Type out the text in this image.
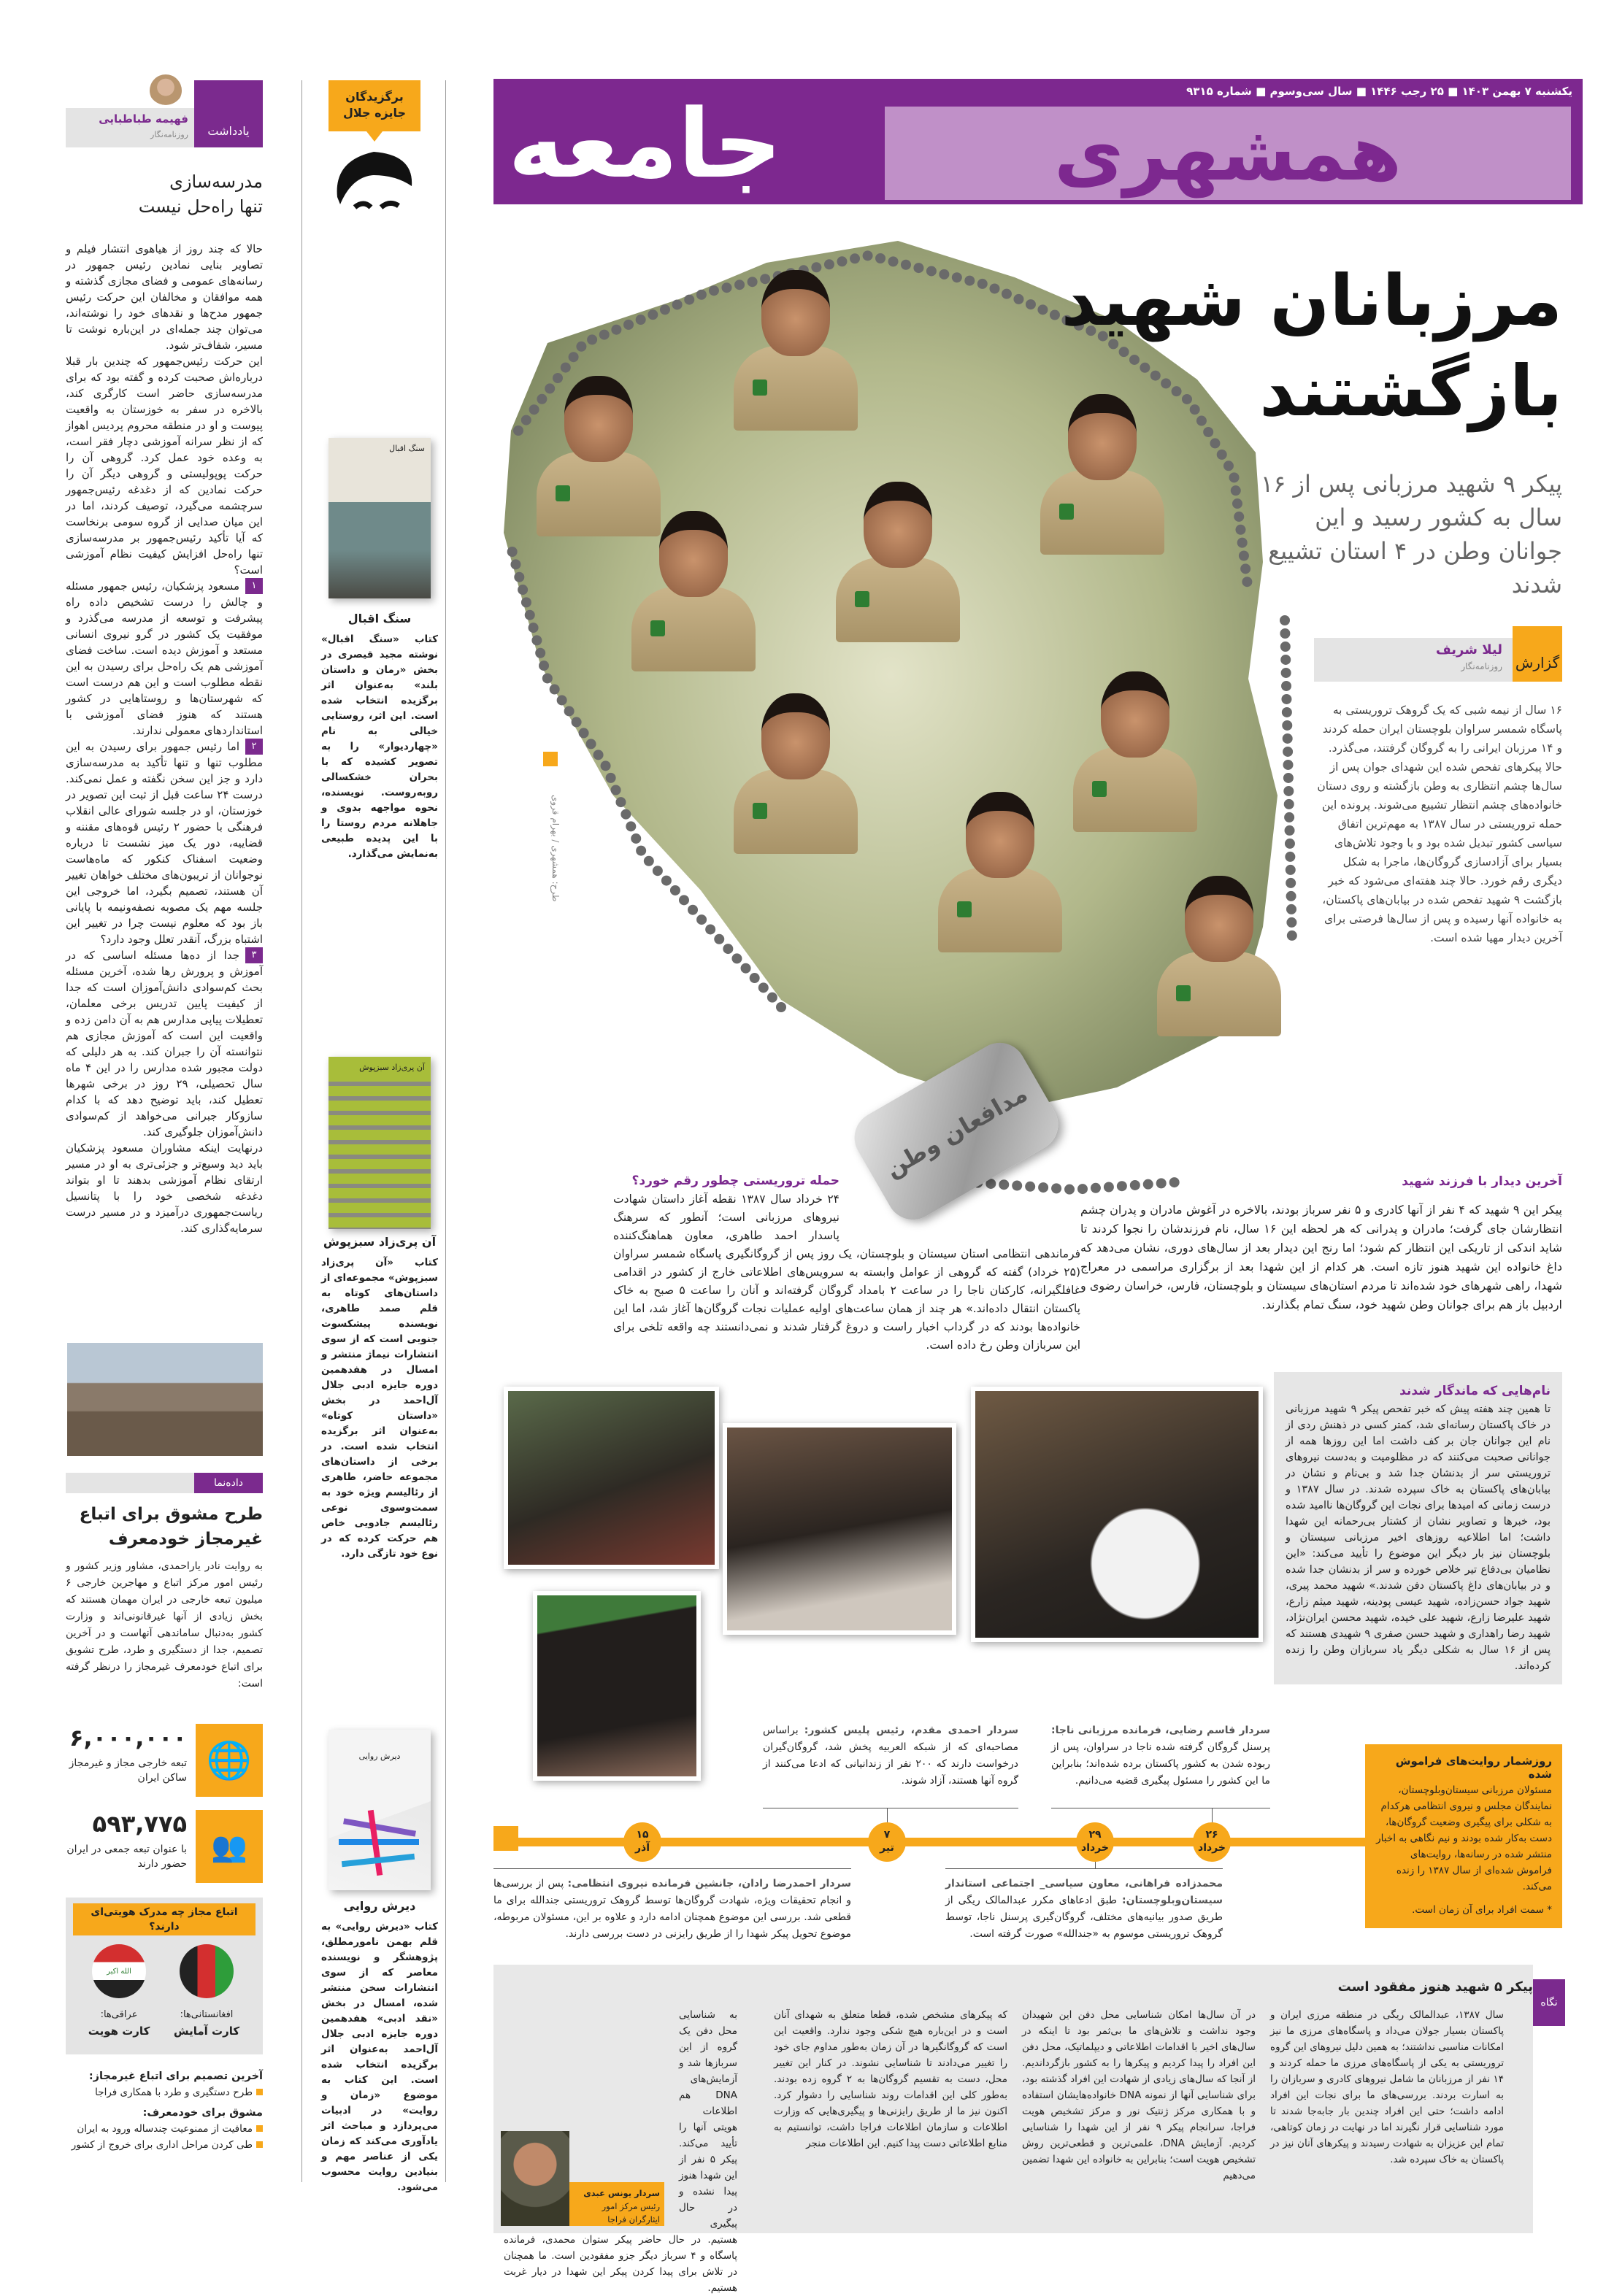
یکشنبه ۷ بهمن ۱۴۰۳ ■ ۲۵ رجب ۱۴۴۶ ■ سال سی‌وسوم ■ شماره ۹۳۱۵
همشهری
جامعه
طرح: همشهری / بهرام قروی
مرزبانان شهید
بازگشتند
پیکر ۹ شهید مرزبانی پس از ۱۶ سال به کشور رسید و این جوانان وطن در ۴ استان تشییع شدند
گزارش
لیلا شریف
روزنامه‌نگار
۱۶ سال از نیمه شبی که یک گروهک تروریستی به پاسگاه شمسر سراوان بلوچستان ایران حمله کردند و ۱۴ مرزبان ایرانی را به گروگان گرفتند، می‌گذرد. حالا پیکرهای تفحص شده این شهدای جوان پس از سال‌ها چشم انتظاری به وطن بازگشته و روی دستان خانواده‌های چشم انتظار تشییع می‌شوند. پرونده این حمله تروریستی در سال ۱۳۸۷ به مهم‌ترین اتفاق سیاسی کشور تبدیل شده بود و با وجود تلاش‌های بسیار برای آزادسازی گروگان‌ها، ماجرا به شکل دیگری رقم خورد. حالا چند هفته‌ای می‌شود که خبر بازگشت ۹ شهید تفحص شده در بیابان‌های پاکستان، به خانواده آنها رسیده و پس از سال‌ها فرصتی برای آخرین دیدار مهیا شده است.
مدافعان وطن	آخرین دیدار با فرزند شهید
پیکر این ۹ شهید که ۴ نفر از آنها کادری و ۵ نفر سرباز بودند، بالاخره در آغوش مادران و پدران چشم انتظارشان جای گرفت؛ مادران و پدرانی که هر لحظه این ۱۶ سال، نام فرزندشان را نجوا کردند تا شاید اندکی از تاریکی این انتظار کم شود؛ اما رنج این دیدار بعد از سال‌های دوری، نشان می‌دهد که داغ خانواده این شهید هنوز تازه است. هر کدام از این شهدا بعد از برگزاری مراسمی در معراج شهدا، راهی شهرهای خود شده‌اند تا مردم استان‌های سیستان و بلوچستان، فارس، خراسان رضوی و اردبیل باز هم برای جوانان وطن شهید خود، سنگ تمام بگذارند.
حمله تروریستی چطور رقم خورد؟

۲۴ خرداد سال ۱۳۸۷ نقطه آغاز داستان شهادت نیروهای مرزبانی است؛ آنطور که سرهنگ پاسدار احمد طاهری، معاون هماهنگ‌کننده فرماندهی انتظامی استان سیستان و بلوچستان، یک روز پس از گروگانگیری پاسگاه شمسر سراوان (۲۵ خرداد) گفته که گروهی از عوامل وابسته به سرویس‌های اطلاعاتی خارج از کشور در اقدامی غافلگیرانه، کارکنان ناجا را در ساعت ۲ بامداد گروگان گرفته‌اند و آنان را ساعت ۵ صبح به خاک پاکستان انتقال داده‌اند.» هر چند از همان ساعت‌های اولیه عملیات نجات گروگان‌ها آغاز شد، اما این خانواده‌ها بودند که در گرداب اخبار راست و دروغ گرفتار شدند و نمی‌دانستند چه واقعه تلخی برای این سربازان وطن رخ داده است.

نام‌هایی که ماندگار شدند

تا همین چند هفته پیش که خبر تفحص پیکر ۹ شهید مرزبانی در خاک پاکستان رسانه‌ای شد، کمتر کسی در ذهنش ردی از نام این جوانان جان بر کف داشت اما این روزها همه از جوانانی صحبت می‌کنند که در مظلومیت و به‌دست نیروهای تروریستی سر از بدنشان جدا شد و بی‌نام و نشان در بیابان‌های پاکستان به خاک سپرده شدند. در سال ۱۳۸۷ و درست زمانی که امیدها برای نجات این گروگان‌ها ناامید شده بود، خبرها و تصاویر نشان از کشتار بی‌رحمانه این شهدا داشت؛ اما اطلاعیه روزهای اخیر مرزبانی سیستان و بلوچستان نیز بار دیگر این موضوع را تأیید می‌کند: «این نظامیان بی‌دفاع تیر خلاص خورده و سر از بدنشان جدا شده و در بیابان‌های داغ پاکستان دفن شدند.» شهید محمد پیری، شهید جواد حسن‌زاده، شهید عیسی پودینه، شهید میثم زارع، شهید علیرضا زارع، شهید علی خیده، شهید محسن ایران‌نژاد، شهید رضا راهداری و شهید حسن صفری ۹ شهیدی هستند که پس از ۱۶ سال به شکلی دیگر یاد سربازان وطن را زنده کرده‌اند.

روزشمار روایت‌های فراموش شده

مسئولان مرزبانی سیستان‌وبلوچستان، نمایندگان مجلس و نیروی انتظامی هرکدام به شکلی برای پیگیری وضعیت گروگان‌ها، دست به‌کار شده بودند و نیم نگاهی به اخبار منتشر شده در رسانه‌ها، روایت‌های فراموش شده‌ای از سال ۱۳۸۷ را زنده می‌کند.

* سمت افراد برای آن زمان است.

۲۶
خرداد
۲۹
خرداد
۷
تیر
۱۵
آذر
سردار قاسم رضایی، فرمانده مرزبانی ناجا: پرسنل گروگان گرفته شده ناجا در سراوان، پس از ربوده شدن به کشور پاکستان برده شده‌اند؛ بنابراین ما این کشور را مسئول پیگیری قضیه می‌دانیم.
محمدزاده فراهانی، معاون سیاسی_ اجتماعی استاندار سیستان‌وبلوچستان: طبق ادعاهای مکرر عبدالمالک ریگی از طریق صدور بیانیه‌های مختلف، گروگان‌گیری پرسنل ناجا، توسط گروهک تروریستی موسوم به «جندالله» صورت گرفته است.
سردار احمدی مقدم، رئیس پلیس کشور: براساس مصاحبه‌ای که از شبکه العربیه پخش شد، گروگان‌گیران درخواست دارند که ۲۰۰ نفر از زندانیانی که ادعا می‌کنند از گروه آنها هستند، آزاد شوند.
سردار احمدرضا رادان، جانشین فرمانده نیروی انتظامی: پس از بررسی‌ها و انجام تحقیقات ویژه، شهادت گروگان‌ها توسط گروهک تروریستی جندالله برای ما قطعی شد. بررسی این موضوع همچنان ادامه دارد و علاوه بر این، مسئولان مربوطه، موضوع تحویل پیکر شهدا را از طریق رایزنی در دست بررسی دارند.
نگاه
پیکر ۵ شهید هنوز مفقود است
سال ۱۳۸۷، عبدالمالک ریگی در منطقه مرزی ایران و پاکستان بسیار جولان می‌داد و پاسگاه‌های مرزی ما نیز امکانات مناسبی نداشتند؛ به همین دلیل نیروهای این گروه تروریستی به یکی از پاسگاه‌های مرزی ما حمله کردند و ۱۴ نفر از مرزبانان ما شامل نیروهای کادری و سربازان را به اسارت بردند. بررسی‌های ما برای نجات این افراد ادامه داشت؛ حتی این افراد چندین بار جابه‌جا شدند تا مورد شناسایی قرار نگیرند اما در نهایت در زمان کوتاهی، تمام این عزیزان به شهادت رسیدند و پیکرهای آنان نیز در پاکستان به خاک سپرده شد.
در آن سال‌ها امکان شناسایی محل دفن این شهیدان وجود نداشت و تلاش‌های ما بی‌ثمر بود تا اینکه در سال‌های اخیر با اقدامات اطلاعاتی و دیپلماتیک، محل دفن این افراد را پیدا کردیم و پیکرها را به کشور بازگرداندیم. از آنجا که سال‌های زیادی از شهادت این افراد گذشته بود، برای شناسایی آنها از نمونه DNA خانواده‌هایشان استفاده و با همکاری مرکز ژنتیک نور و مرکز تشخیص هویت فراجا، سرانجام پیکر ۹ نفر از این شهدا را شناسایی کردیم. آزمایش DNA، علمی‌ترین و قطعی‌ترین روش تشخیص هویت است؛ بنابراین به خانواده این شهدا تضمین می‌دهیم
که پیکرهای مشخص شده، قطعا متعلق به شهدای آنان است و در این‌باره هیچ شکی وجود ندارد. واقعیت این است که گروگانگیرها در آن زمان به‌طور مداوم جای خود را تغییر می‌دادند تا شناسایی نشوند. در کنار این تغییر محل، دست به تقسیم گروگان‌ها به ۲ گروه زده بودند. به‌طور کلی این اقدامات روند شناسایی را دشوار کرد. اکنون نیز ما از طریق رایزنی‌ها و پیگیری‌هایی که وزارت اطلاعات و سازمان اطلاعات فراجا داشت، توانستیم به منابع اطلاعاتی دست پیدا کنیم. این اطلاعات منجر
به شناسایی محل دفن یک گروه از این سربازها شد و آزمایش‌های DNA هم اطلاعات هویتی آنها را تأیید می‌کند. پیکر ۵ نفر از این شهدا هنوز پیدا نشده و در حال پیگیری هستیم. در حال حاضر پیکر ستوان محمدی، فرمانده پاسگاه و ۴ سرباز دیگر جزو مفقودین است. ما همچنان در تلاش برای پیدا کردن پیکر این شهدا در دیار غربت هستیم.
سردار یونس عبدی
رئیس مرکز امور ایثارگران فراجا
یادداشت
فهیمه طباطبایی
روزنامه‌نگار
مدرسه‌سازی
تنها راه‌حل نیست

حالا که چند روز از هیاهوی انتشار فیلم و تصاویر بنایی نمادین رئیس جمهور در رسانه‌های عمومی و فضای مجازی گذشته و همه موافقان و مخالفان این حرکت رئیس جمهور مدح‌ها و نقدهای خود را نوشته‌اند، می‌توان چند جمله‌ای در این‌باره نوشت تا مسیر، شفاف‌تر شود.

این حرکت رئیس‌جمهور که چندین بار قبلا درباره‌اش صحبت کرده و گفته بود که برای مدرسه‌سازی حاضر است کارگری کند، بالاخره در سفر به خوزستان به واقعیت پیوست و او در منطقه محروم پردیس اهواز که از نظر سرانه آموزشی دچار فقر است، به وعده خود عمل کرد. گروهی آن را حرکت پوپولیستی و گروهی دیگر آن را حرکت نمادین که از دغدغه رئیس‌جمهور سرچشمه می‌گیرد، توصیف کردند، اما در این میان صدایی از گروه سومی برنخاست که آیا تأکید رئیس‌جمهور بر مدرسه‌سازی تنها راه‌حل افزایش کیفیت نظام آموزشی است؟

۱
مسعود پزشکیان، رئیس جمهور مسئله و چالش را درست تشخیص داده راه پیشرفت و توسعه از مدرسه می‌گذرد و موفقیت یک کشور در گرو نیروی انسانی مستعد و آموزش دیده است. ساخت فضای آموزشی هم یک راه‌حل برای رسیدن به این نقطه مطلوب است و این هم درست است که شهرستان‌ها و روستاهایی در کشور هستند که هنوز فضای آموزشی با استانداردهای معمولی ندارند.

۲
اما رئیس جمهور برای رسیدن به این مطلوب تنها و تنها تأکید به مدرسه‌سازی دارد و جز این سخن نگفته و عمل نمی‌کند. درست ۲۴ ساعت قبل از ثبت این تصویر در خوزستان، او در جلسه شورای عالی انقلاب فرهنگی با حضور ۲ رئیس قوه‌های مقننه و قضاییه، دور یک میز نشست تا درباره وضعیت اسفناک کنکور که ماه‌هاست نوجوانان از تریبون‌های مختلف خواهان تغییر آن هستند، تصمیم بگیرد، اما خروجی این جلسه مهم یک مصوبه نصفه‌ونیمه با پایانی باز بود که معلوم نیست چرا در تغییر این اشتباه بزرگ، آنقدر تعلل وجود دارد؟

۳
جدا از ده‌ها مسئله اساسی که در آموزش و پرورش رها شده، آخرین مسئله بحث کم‌سوادی دانش‌آموزان است که جدا از کیفیت پایین تدریس برخی معلمان، تعطیلات پیاپی مدارس هم به آن دامن زده و واقعیت این است که آموزش مجازی هم نتوانسته آن را جبران کند. به هر دلیلی که دولت مجبور شده مدارس را در این ۴ ماه سال تحصیلی، ۲۹ روز در برخی شهرها تعطیل کند، باید توضیح دهد که با کدام سازوکار جبرانی می‌خواهد از کم‌سوادی دانش‌آموزان جلوگیری کند.

درنهایت اینکه مشاوران مسعود پزشکیان باید دید وسیع‌تر و جزئی‌تری به او در مسیر ارتقای نظام آموزشی بدهند تا او بتواند دغدغه شخصی خود را با پتانسیل ریاست‌جمهوری درآمیزد و در مسیر درست سرمایه‌گذاری کند.

داده‌نما
طرح مشوق برای اتباع غیرمجاز خودمعرف
به روایت نادر یاراحمدی، مشاور وزیر کشور و رئیس امور مرکز اتباع و مهاجرین خارجی ۶ میلیون تبعه خارجی در ایران مهمان هستند که بخش زیادی از آنها غیرقانونی‌اند و وزارت کشور به‌دنبال ساماندهی آنهاست و در آخرین تصمیم، جدا از دستگیری و طرد، طرح تشویق برای اتباع خودمعرف غیرمجاز را درنظر گرفته است:
🌐
۶,۰۰۰,۰۰۰
تبعه خارجی مجاز و غیرمجاز ساکن ایران
👥
۵۹۳,۷۷۵
با عنوان تبعه جمعی در ایران حضور دارند
اتباع مجاز چه مدرک هویتی‌ای دارند؟
الله اکبر
افغانستانی‌ها:
کارت آمایش
عراقی‌ها:
کارت هویت
آخرین تصمیم برای اتباع غیرمجاز:
طرح دستگیری و طرد با همکاری فراجا
مشوق برای خودمعرف:
معافیت از ممنوعیت چندساله ورود به ایران
طی کردن مراحل اداری برای خروج از کشور
برگزیدگان جایزه جلال
سنگ اقبال
سنگ اقبال
کتاب «سنگ اقبال» نوشته مجید قیصری در بخش «رمان و داستان بلند» به‌عنوان اثر برگزیده انتخاب شده است. این اثر، روستایی خیالی به نام «چهاردیوار» را به تصویر کشیده که با بحران خشکسالی روبه‌روست. نویسنده، نحوه مواجهه بدوی و جاهلانه مردم روستا را با این پدیده طبیعی به‌نمایش می‌گذارد.
آن پری‌زاد سبزپوش
آن پری‌زاد سبزپوش
کتاب «آن پری‌زاد سبزپوش» مجموعه‌ای از داستان‌های کوتاه به قلم صمد طاهری، نویسنده پیشکسوت جنوبی است که از سوی انتشارات نیماژ منتشر و امسال در هفدهمین دوره جایزه ادبی جلال آل‌احمد در بخش «داستان کوتاه» به‌عنوان اثر برگزیده انتخاب شده است. در برخی از داستان‌های مجموعه حاضر، طاهری از رئالیسم ویژه خود به سمت‌وسوی نوعی رئالیسم جادویی خاص هم حرکت کرده که در نوع خود تازگی دارد.
دیرش روایی
دیرش روایی
کتاب «دیرش روایی» به قلم بهمن نامورمطلق، پژوهشگر و نویسنده معاصر که از سوی انتشارات سخن منتشر شده، امسال در بخش «نقد ادبی» هفدهمین دوره جایزه ادبی جلال آل‌احمد به‌عنوان اثر برگزیده انتخاب شده است. این کتاب به موضوع «زمان و روایت» در ادبیات می‌پردازد و مباحث اثر یادآوری می‌کند که زمان یکی از عناصر مهم و بنیادین روایت محسوب می‌شود.
